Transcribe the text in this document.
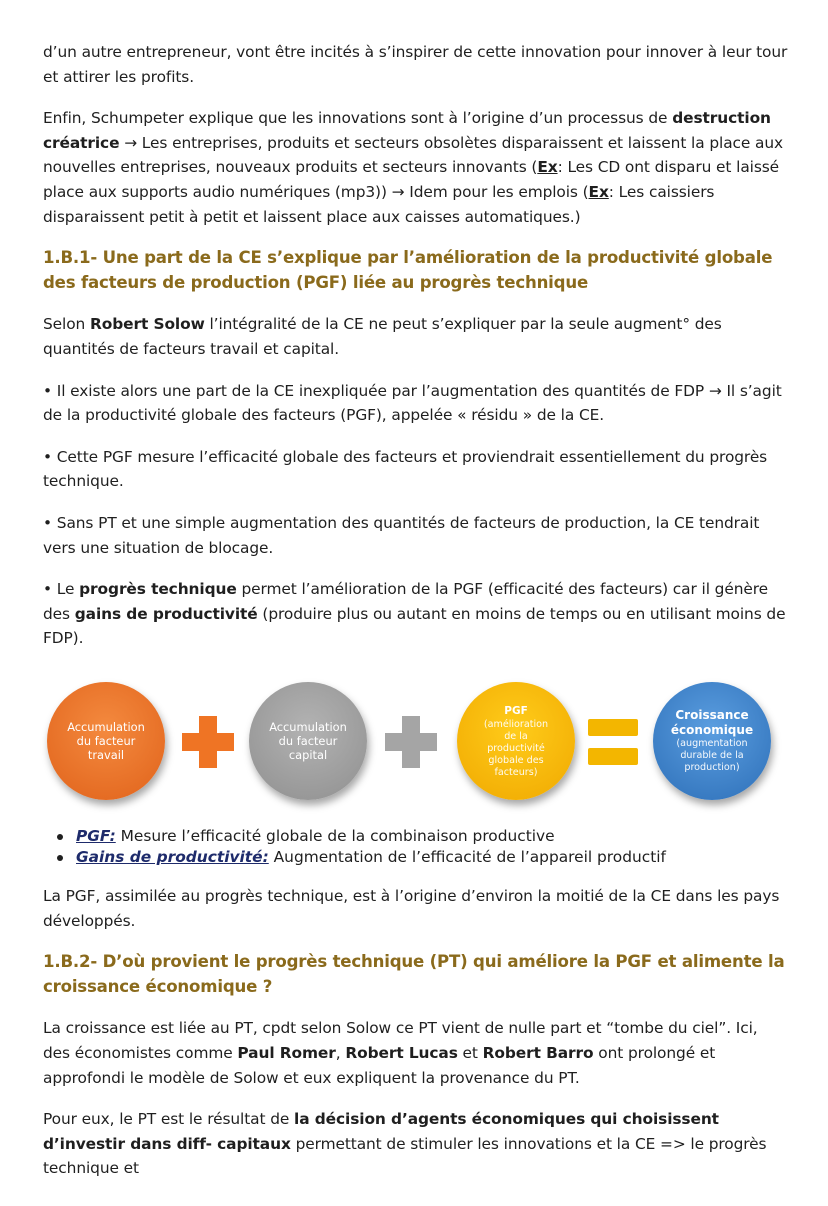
d’un autre entrepreneur, vont être incités à s’inspirer de cette innovation pour innover à leur tour et attirer les profits.

Enfin, Schumpeter explique que les innovations sont à l’origine d’un processus de destruction créatrice → Les entreprises, produits et secteurs obsolètes disparaissent et laissent la place aux nouvelles entreprises, nouveaux produits et secteurs innovants (Ex: Les CD ont disparu et laissé place aux supports audio numériques (mp3)) → Idem pour les emplois (Ex: Les caissiers disparaissent petit à petit et laissent place aux caisses automatiques.)

1.B.1- Une part de la CE s’explique par l’amélioration de la productivité globale des facteurs de production (PGF) liée au progrès technique

Selon Robert Solow l’intégralité de la CE ne peut s’expliquer par la seule augment° des quantités de facteurs travail et capital.

• Il existe alors une part de la CE inexpliquée par l’augmentation des quantités de FDP → Il s’agit de la productivité globale des facteurs (PGF), appelée « résidu » de la CE.

• Cette PGF mesure l’efficacité globale des facteurs et proviendrait essentiellement du progrès technique.

• Sans PT et une simple augmentation des quantités de facteurs de production, la CE tendrait vers une situation de blocage.

• Le progrès technique permet l’amélioration de la PGF (efficacité des facteurs) car il génère des gains de productivité (produire plus ou autant en moins de temps ou en utilisant moins de FDP).

Accumulation
du facteur
travail
Accumulation
du facteur
capital
PGF
(amélioration
de la
productivité
globale des
facteurs)
Croissance
économique
(augmentation
durable de la
production)
PGF: Mesure l’efficacité globale de la combinaison productive
Gains de productivité: Augmentation de l’efficacité de l’appareil productif

La PGF, assimilée au progrès technique, est à l’origine d’environ la moitié de la CE dans les pays développés.

1.B.2- D’où provient le progrès technique (PT) qui améliore la PGF et alimente la croissance économique ?

La croissance est liée au PT, cpdt selon Solow ce PT vient de nulle part et “tombe du ciel”. Ici, des économistes comme Paul Romer, Robert Lucas et Robert Barro ont prolongé et approfondi le modèle de Solow et eux expliquent la provenance du PT.

Pour eux, le PT est le résultat de la décision d’agents économiques qui choisissent d’investir dans diff- capitaux permettant de stimuler les innovations et la CE => le progrès technique et
